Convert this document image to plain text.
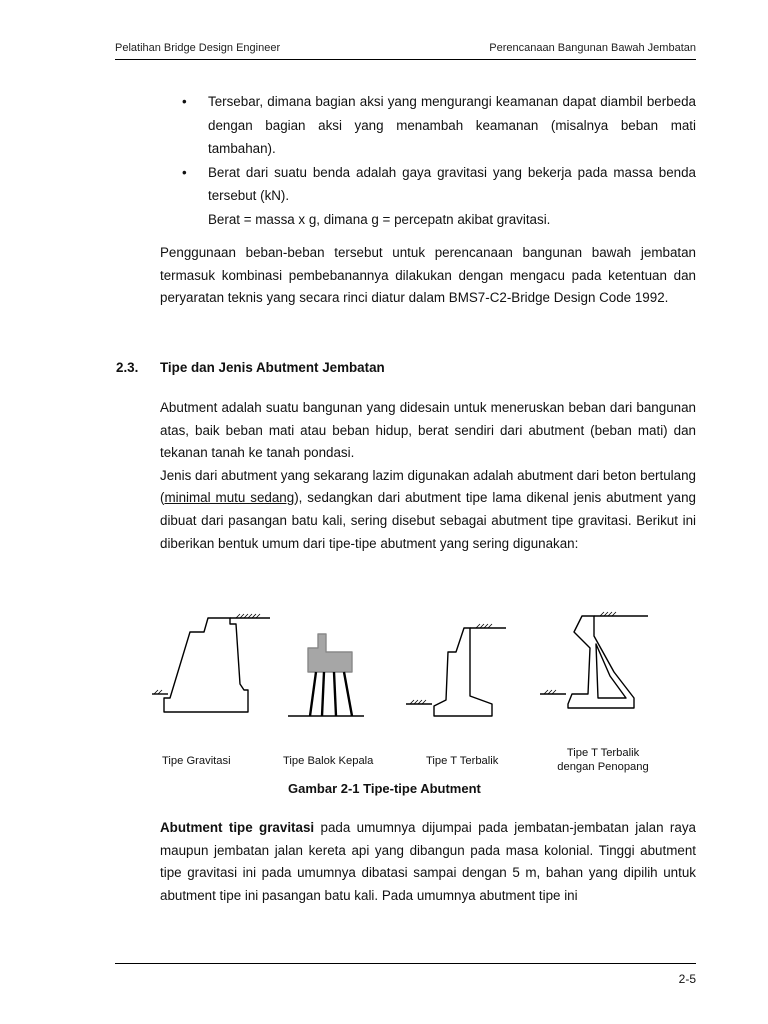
Pelatihan Bridge Design Engineer	Perencanaan Bangunan Bawah Jembatan
• Tersebar, dimana bagian aksi yang mengurangi keamanan dapat diambil berbeda dengan bagian aksi yang menambah keamanan (misalnya beban mati tambahan).
• Berat dari suatu benda adalah gaya gravitasi yang bekerja pada massa benda tersebut (kN).
Berat = massa x g, dimana g = percepatn akibat gravitasi.

Penggunaan beban-beban tersebut untuk perencanaan bangunan bawah jembatan termasuk kombinasi pembebanannya dilakukan dengan mengacu pada ketentuan dan peryaratan teknis yang secara rinci diatur dalam BMS7-C2-Bridge Design Code 1992.

2.3. Tipe dan Jenis Abutment Jembatan

Abutment adalah suatu bangunan yang didesain untuk meneruskan beban dari bangunan atas, baik beban mati atau beban hidup, berat sendiri dari abutment (beban mati) dan tekanan tanah ke tanah pondasi.
Jenis dari abutment yang sekarang lazim digunakan adalah abutment dari beton bertulang (minimal mutu sedang), sedangkan dari abutment tipe lama dikenal jenis abutment yang dibuat dari pasangan batu kali, sering disebut sebagai abutment tipe gravitasi. Berikut ini diberikan bentuk umum dari tipe-tipe abutment yang sering digunakan:

Tipe Gravitasi	Tipe Balok Kepala	Tipe T Terbalik
Tipe T Terbalik
dengan Penopang
Gambar 2-1 Tipe-tipe Abutment

Abutment tipe gravitasi pada umumnya dijumpai pada jembatan-jembatan jalan raya maupun jembatan jalan kereta api yang dibangun pada masa kolonial. Tinggi abutment tipe gravitasi ini pada umumnya dibatasi sampai dengan 5 m, bahan yang dipilih untuk abutment tipe ini pasangan batu kali. Pada umumnya abutment tipe ini

2-5
